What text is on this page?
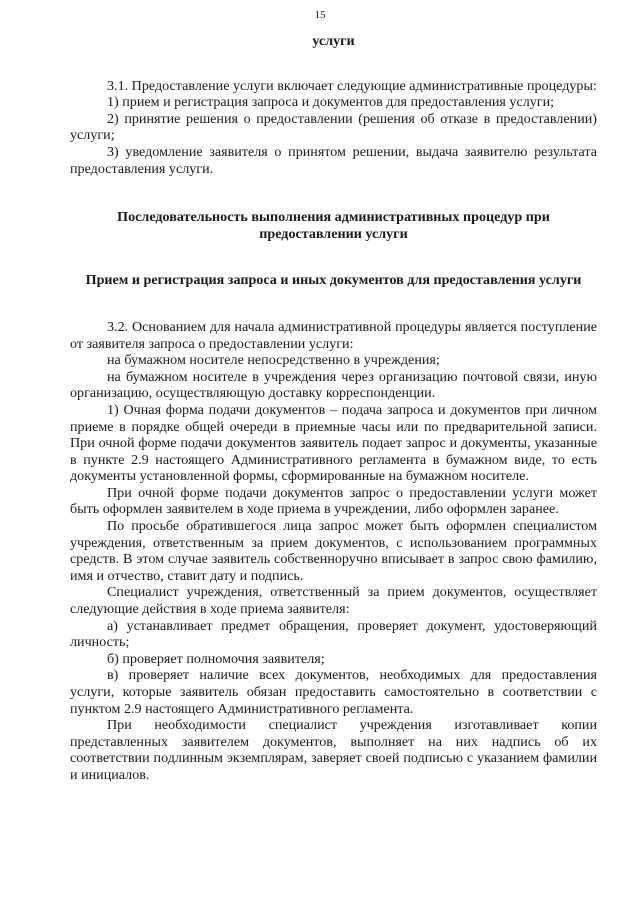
15

услуги

3.1. Предоставление услуги включает следующие административные процедуры:

1) прием и регистрация запроса и документов для предоставления услуги;

2) принятие решения о предоставлении (решения об отказе в предоставлении) услуги;

3) уведомление заявителя о принятом решении, выдача заявителю результата предоставления услуги.

Последовательность выполнения административных процедур при предоставлении услуги

Прием и регистрация запроса и иных документов для предоставления услуги

3.2. Основанием для начала административной процедуры является поступление от заявителя запроса о предоставлении услуги:

на бумажном носителе непосредственно в учреждения;

на бумажном носителе в учреждения через организацию почтовой связи, иную организацию, осуществляющую доставку корреспонденции.

1) Очная форма подачи документов – подача запроса и документов при личном приеме в порядке общей очереди в приемные часы или по предварительной записи. При очной форме подачи документов заявитель подает запрос и документы, указанные в пункте 2.9 настоящего Административного регламента в бумажном виде, то есть документы установленной формы, сформированные на бумажном носителе.

При очной форме подачи документов запрос о предоставлении услуги может быть оформлен заявителем в ходе приема в учреждении, либо оформлен заранее.

По просьбе обратившегося лица запрос может быть оформлен специалистом учреждения, ответственным за прием документов, с использованием программных средств. В этом случае заявитель собственноручно вписывает в запрос свою фамилию, имя и отчество, ставит дату и подпись.

Специалист учреждения, ответственный за прием документов, осуществляет следующие действия в ходе приема заявителя:

а) устанавливает предмет обращения, проверяет документ, удостоверяющий личность;

б) проверяет полномочия заявителя;

в) проверяет наличие всех документов, необходимых для предоставления услуги, которые заявитель обязан предоставить самостоятельно в соответствии с пунктом 2.9 настоящего Административного регламента.

При необходимости специалист учреждения изготавливает копии представленных заявителем документов, выполняет на них надпись об их соответствии подлинным экземплярам, заверяет своей подписью с указанием фамилии и инициалов.
